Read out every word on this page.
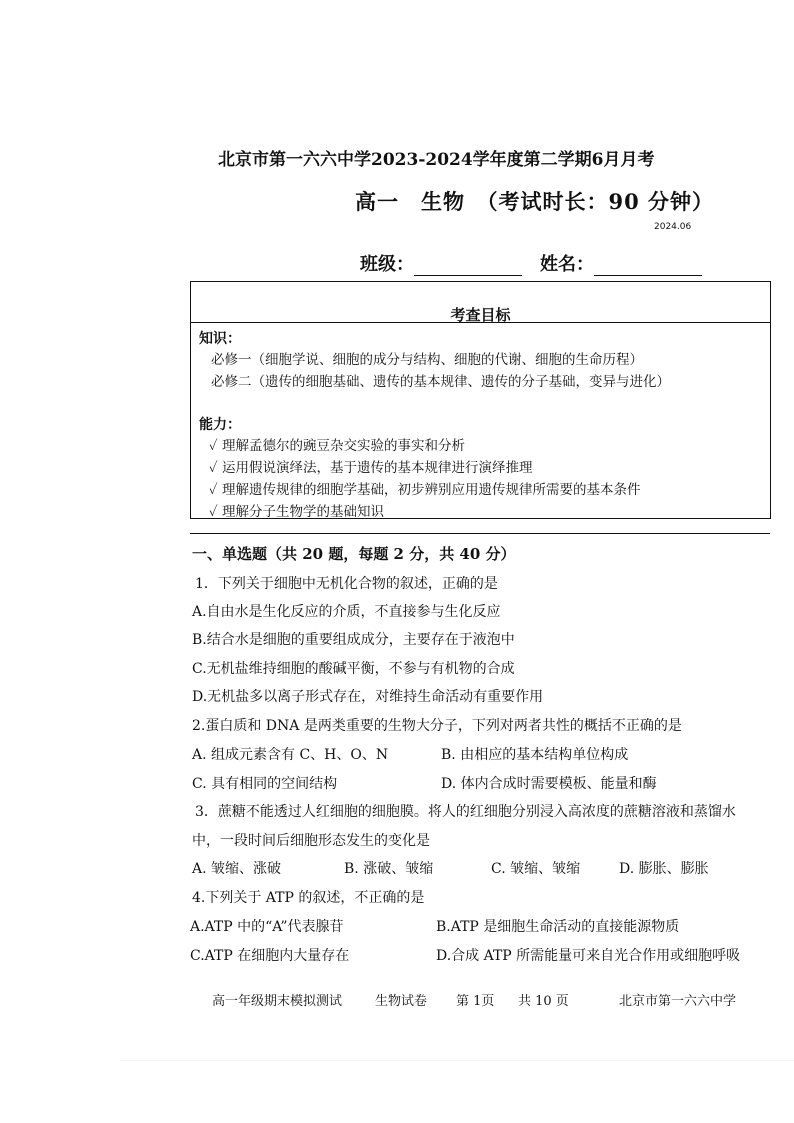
北京市第一六六中学2023-2024学年度第二学期6月月考
高一　生物　（考试时长：90 分钟）
2024.06
班级：	姓名：
考查目标
知识：
必修一（细胞学说、细胞的成分与结构、细胞的代谢、细胞的生命历程）
必修二（遗传的细胞基础、遗传的基本规律、遗传的分子基础，变异与进化）
能力：
✓ 理解孟德尔的豌豆杂交实验的事实和分析
✓ 运用假说演绎法，基于遗传的基本规律进行演绎推理
✓ 理解遗传规律的细胞学基础，初步辨别应用遗传规律所需要的基本条件
✓ 理解分子生物学的基础知识
一、单选题（共 20 题，每题 2 分，共 40 分）
1．下列关于细胞中无机化合物的叙述，正确的是
A.自由水是生化反应的介质，不直接参与生化反应
B.结合水是细胞的重要组成成分，主要存在于液泡中
C.无机盐维持细胞的酸碱平衡，不参与有机物的合成
D.无机盐多以离子形式存在，对维持生命活动有重要作用
2.蛋白质和 DNA 是两类重要的生物大分子，下列对两者共性的概括不正确的是
A. 组成元素含有 C、H、O、N	B. 由相应的基本结构单位构成
C. 具有相同的空间结构	D. 体内合成时需要模板、能量和酶
3．蔗糖不能透过人红细胞的细胞膜。将人的红细胞分别浸入高浓度的蔗糖溶液和蒸馏水
中，一段时间后细胞形态发生的变化是
A. 皱缩、涨破	B. 涨破、皱缩	C. 皱缩、皱缩	D. 膨胀、膨胀
4.下列关于 ATP 的叙述，不正确的是
A.ATP 中的“A”代表腺苷	B.ATP 是细胞生命活动的直接能源物质
C.ATP 在细胞内大量存在	D.合成 ATP 所需能量可来自光合作用或细胞呼吸
高一年级期末模拟测试	生物试卷 第 1页 共 10 页	北京市第一六六中学
